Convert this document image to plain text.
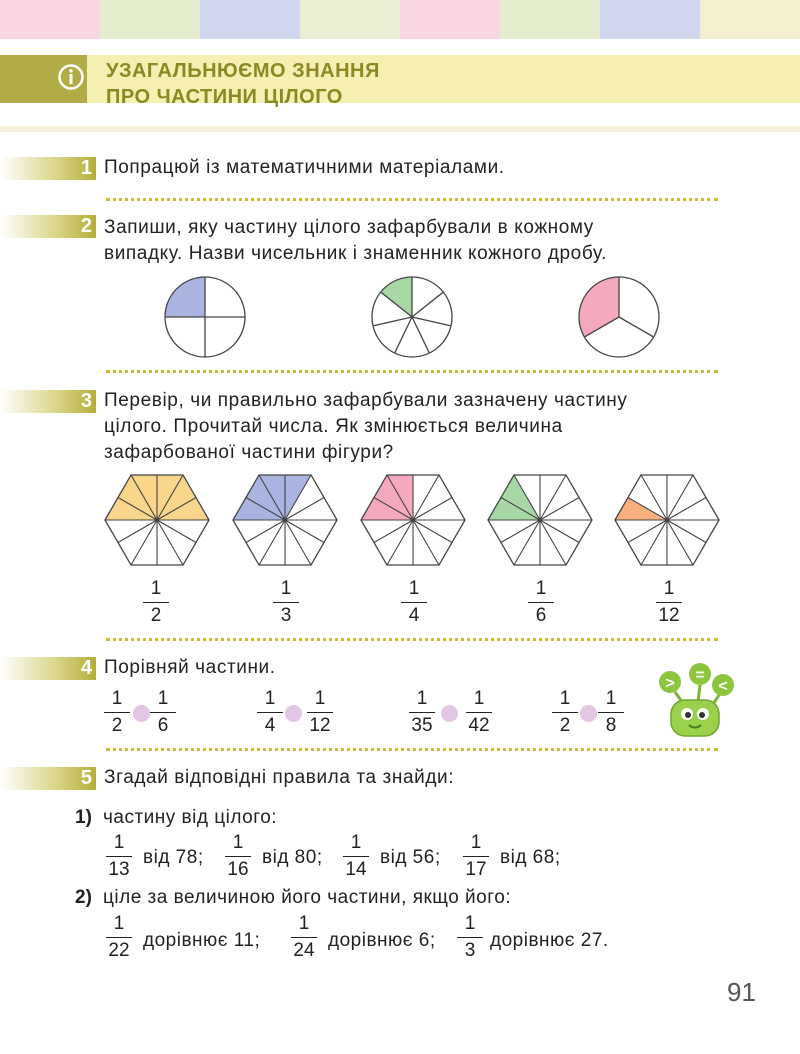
УЗАГАЛЬНЮЄМО ЗНАННЯ
ПРО ЧАСТИНИ ЦІЛОГО
1 Попрацюй із математичними матеріалами.
2 Запиши, яку частину цілого зафарбували в кожному
випадку. Назви чисельник і знаменник кожного дробу.
3 Перевір, чи правильно зафарбували зазначену частину
цілого. Прочитай числа. Як змінюється величина
зафарбованої частини фігури?
1
2
1
3
1
4
1
6
1
12
4 Порівняй частини.
1
2
1
6
1
4
1
12
1
35
1
42
1
2
1
8
> =
<
5 Згадай відповідні правила та знайди:
1) частину від цілого:
1
13
від 78;
1
16
від 80;
1
14
від 56;
1
17
від 68;
2) ціле за величиною його частини, якщо його:
1
22 дорівнює 11;
1
24 дорівнює 6;
1
3 дорівнює 27.
91
